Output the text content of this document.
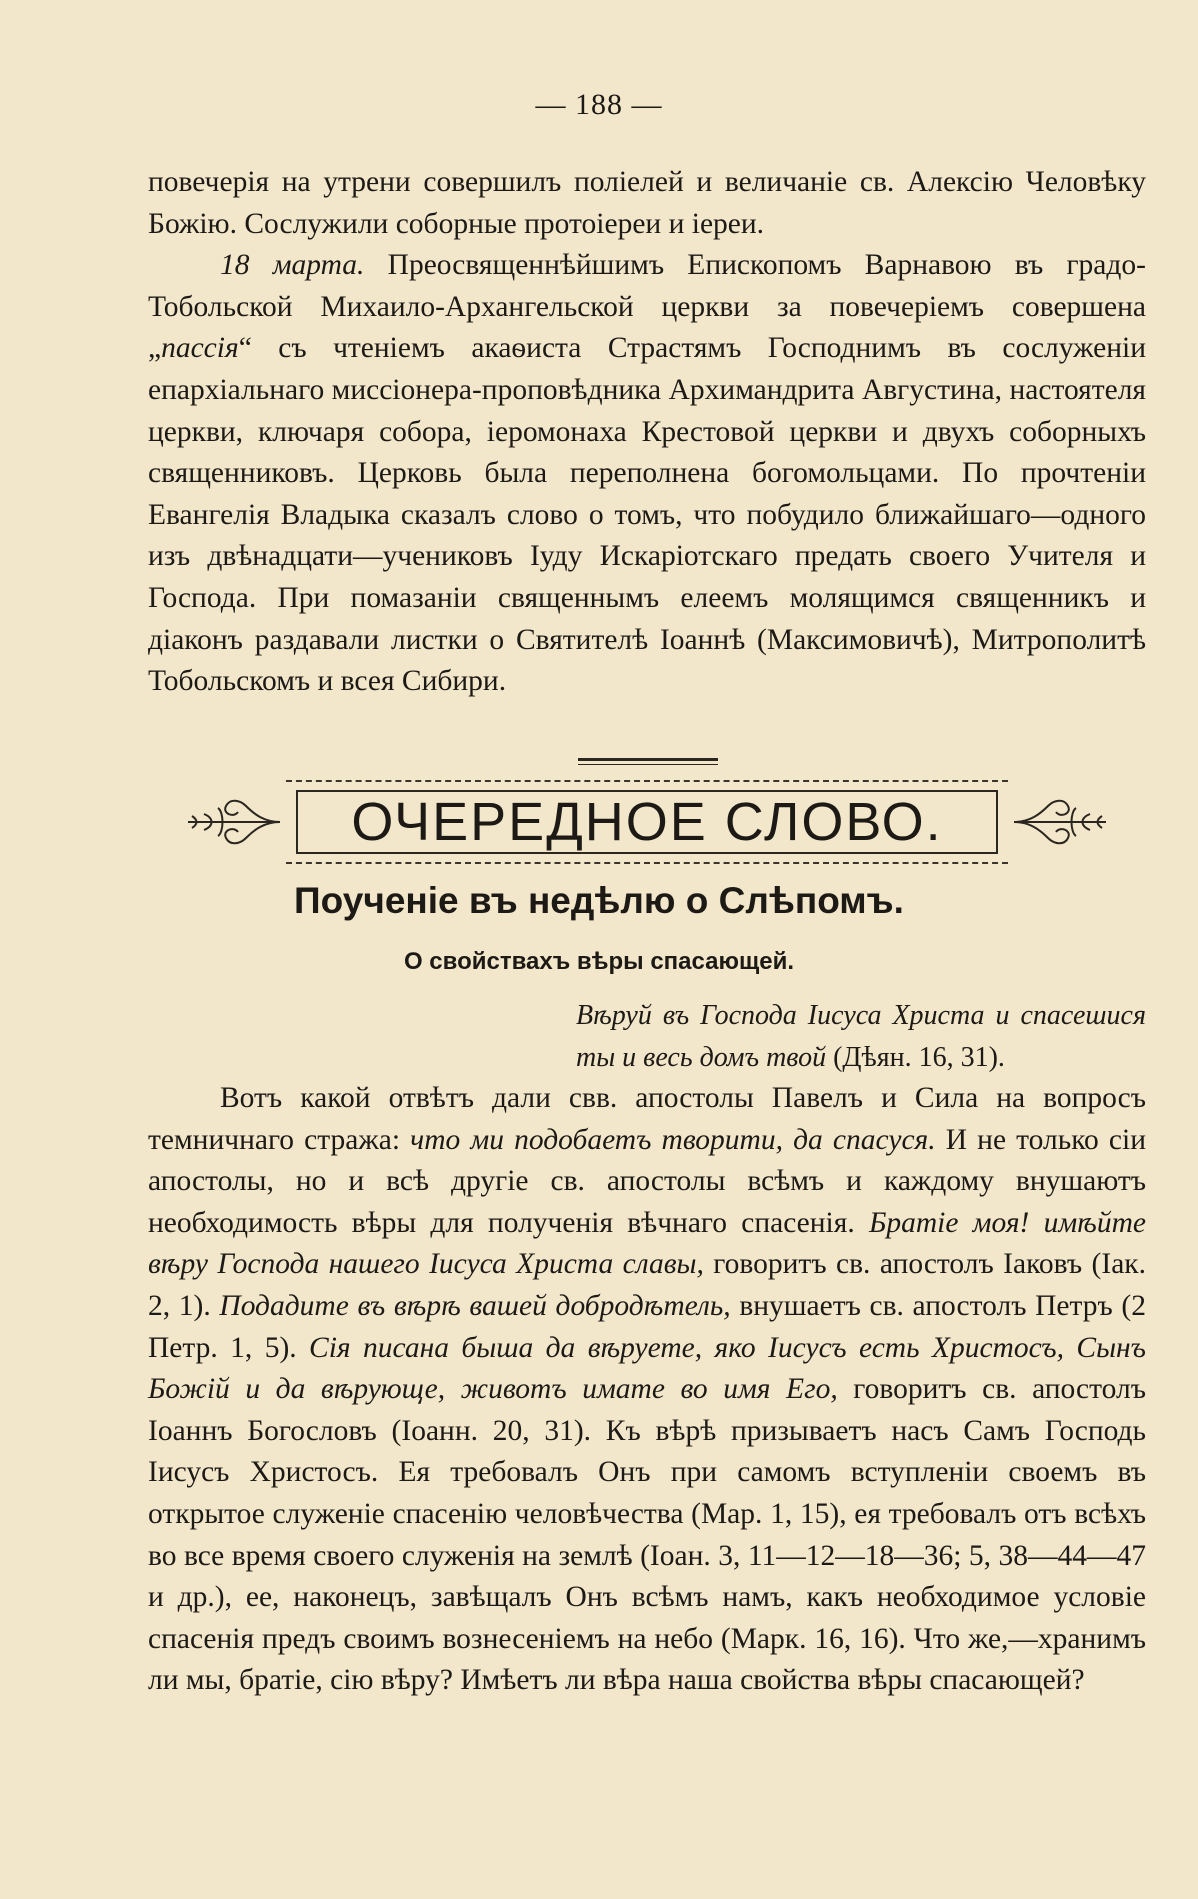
— 188 —

повечерія на утрени совершилъ поліелей и величаніе св. Алексію Человѣку Божію. Сослужили соборные протоіереи и іереи.

18 марта. Преосвященнѣйшимъ Епископомъ Варнавою въ градо-Тобольской Михаило-Архангельской церкви за повечеріемъ совершена „пассія“ съ чтеніемъ акаѳиста Страстямъ Господнимъ въ сослуженіи епархіальнаго миссіонера-проповѣдника Архимандрита Августина, настоятеля церкви, ключаря собора, іеромонаха Крестовой церкви и двухъ соборныхъ священниковъ. Церковь была переполнена богомольцами. По прочтеніи Евангелія Владыка сказалъ слово о томъ, что побудило ближайшаго—одного изъ двѣнадцати—учениковъ Іуду Искаріотскаго предать своего Учителя и Господа. При помазаніи священнымъ елеемъ молящимся священникъ и діаконъ раздавали листки о Святителѣ Іоаннѣ (Максимовичѣ), Митрополитѣ Тобольскомъ и всея Сибири.

ОЧЕРЕДНОЕ СЛОВО.
Поученіе въ недѣлю о Слѣпомъ.
О свойствахъ вѣры спасающей.

Вѣруй въ Господа Іисуса Христа и спасешися ты и весь домъ твой (Дѣян. 16, 31).

Вотъ какой отвѣтъ дали свв. апостолы Павелъ и Сила на вопросъ темничнаго стража: что ми подобаетъ творити, да спасуся. И не только сіи апостолы, но и всѣ другіе св. апостолы всѣмъ и каждому внушаютъ необходимость вѣры для полученія вѣчнаго спасенія. Братіе моя! имѣйте вѣру Господа нашего Іисуса Христа славы, говоритъ св. апостолъ Іаковъ (Іак. 2, 1). Подадите въ вѣрѣ вашей добродѣтель, внушаетъ св. апостолъ Петръ (2 Петр. 1, 5). Сія писана быша да вѣруете, яко Іисусъ есть Христосъ, Сынъ Божій и да вѣрующе, животъ имате во имя Его, говоритъ св. апостолъ Іоаннъ Богословъ (Іоанн. 20, 31). Къ вѣрѣ призываетъ насъ Самъ Господь Іисусъ Христосъ. Ея требовалъ Онъ при самомъ вступленіи своемъ въ открытое служеніе спасенію человѣчества (Мар. 1, 15), ея требовалъ отъ всѣхъ во все время своего служенія на землѣ (Іоан. 3, 11—12—18—36; 5, 38—44—47 и др.), ее, наконецъ, завѣщалъ Онъ всѣмъ намъ, какъ необходимое условіе спасенія предъ своимъ вознесеніемъ на небо (Марк. 16, 16). Что же,—хранимъ ли мы, братіе, сію вѣру? Имѣетъ ли вѣра наша свойства вѣры спасающей?
